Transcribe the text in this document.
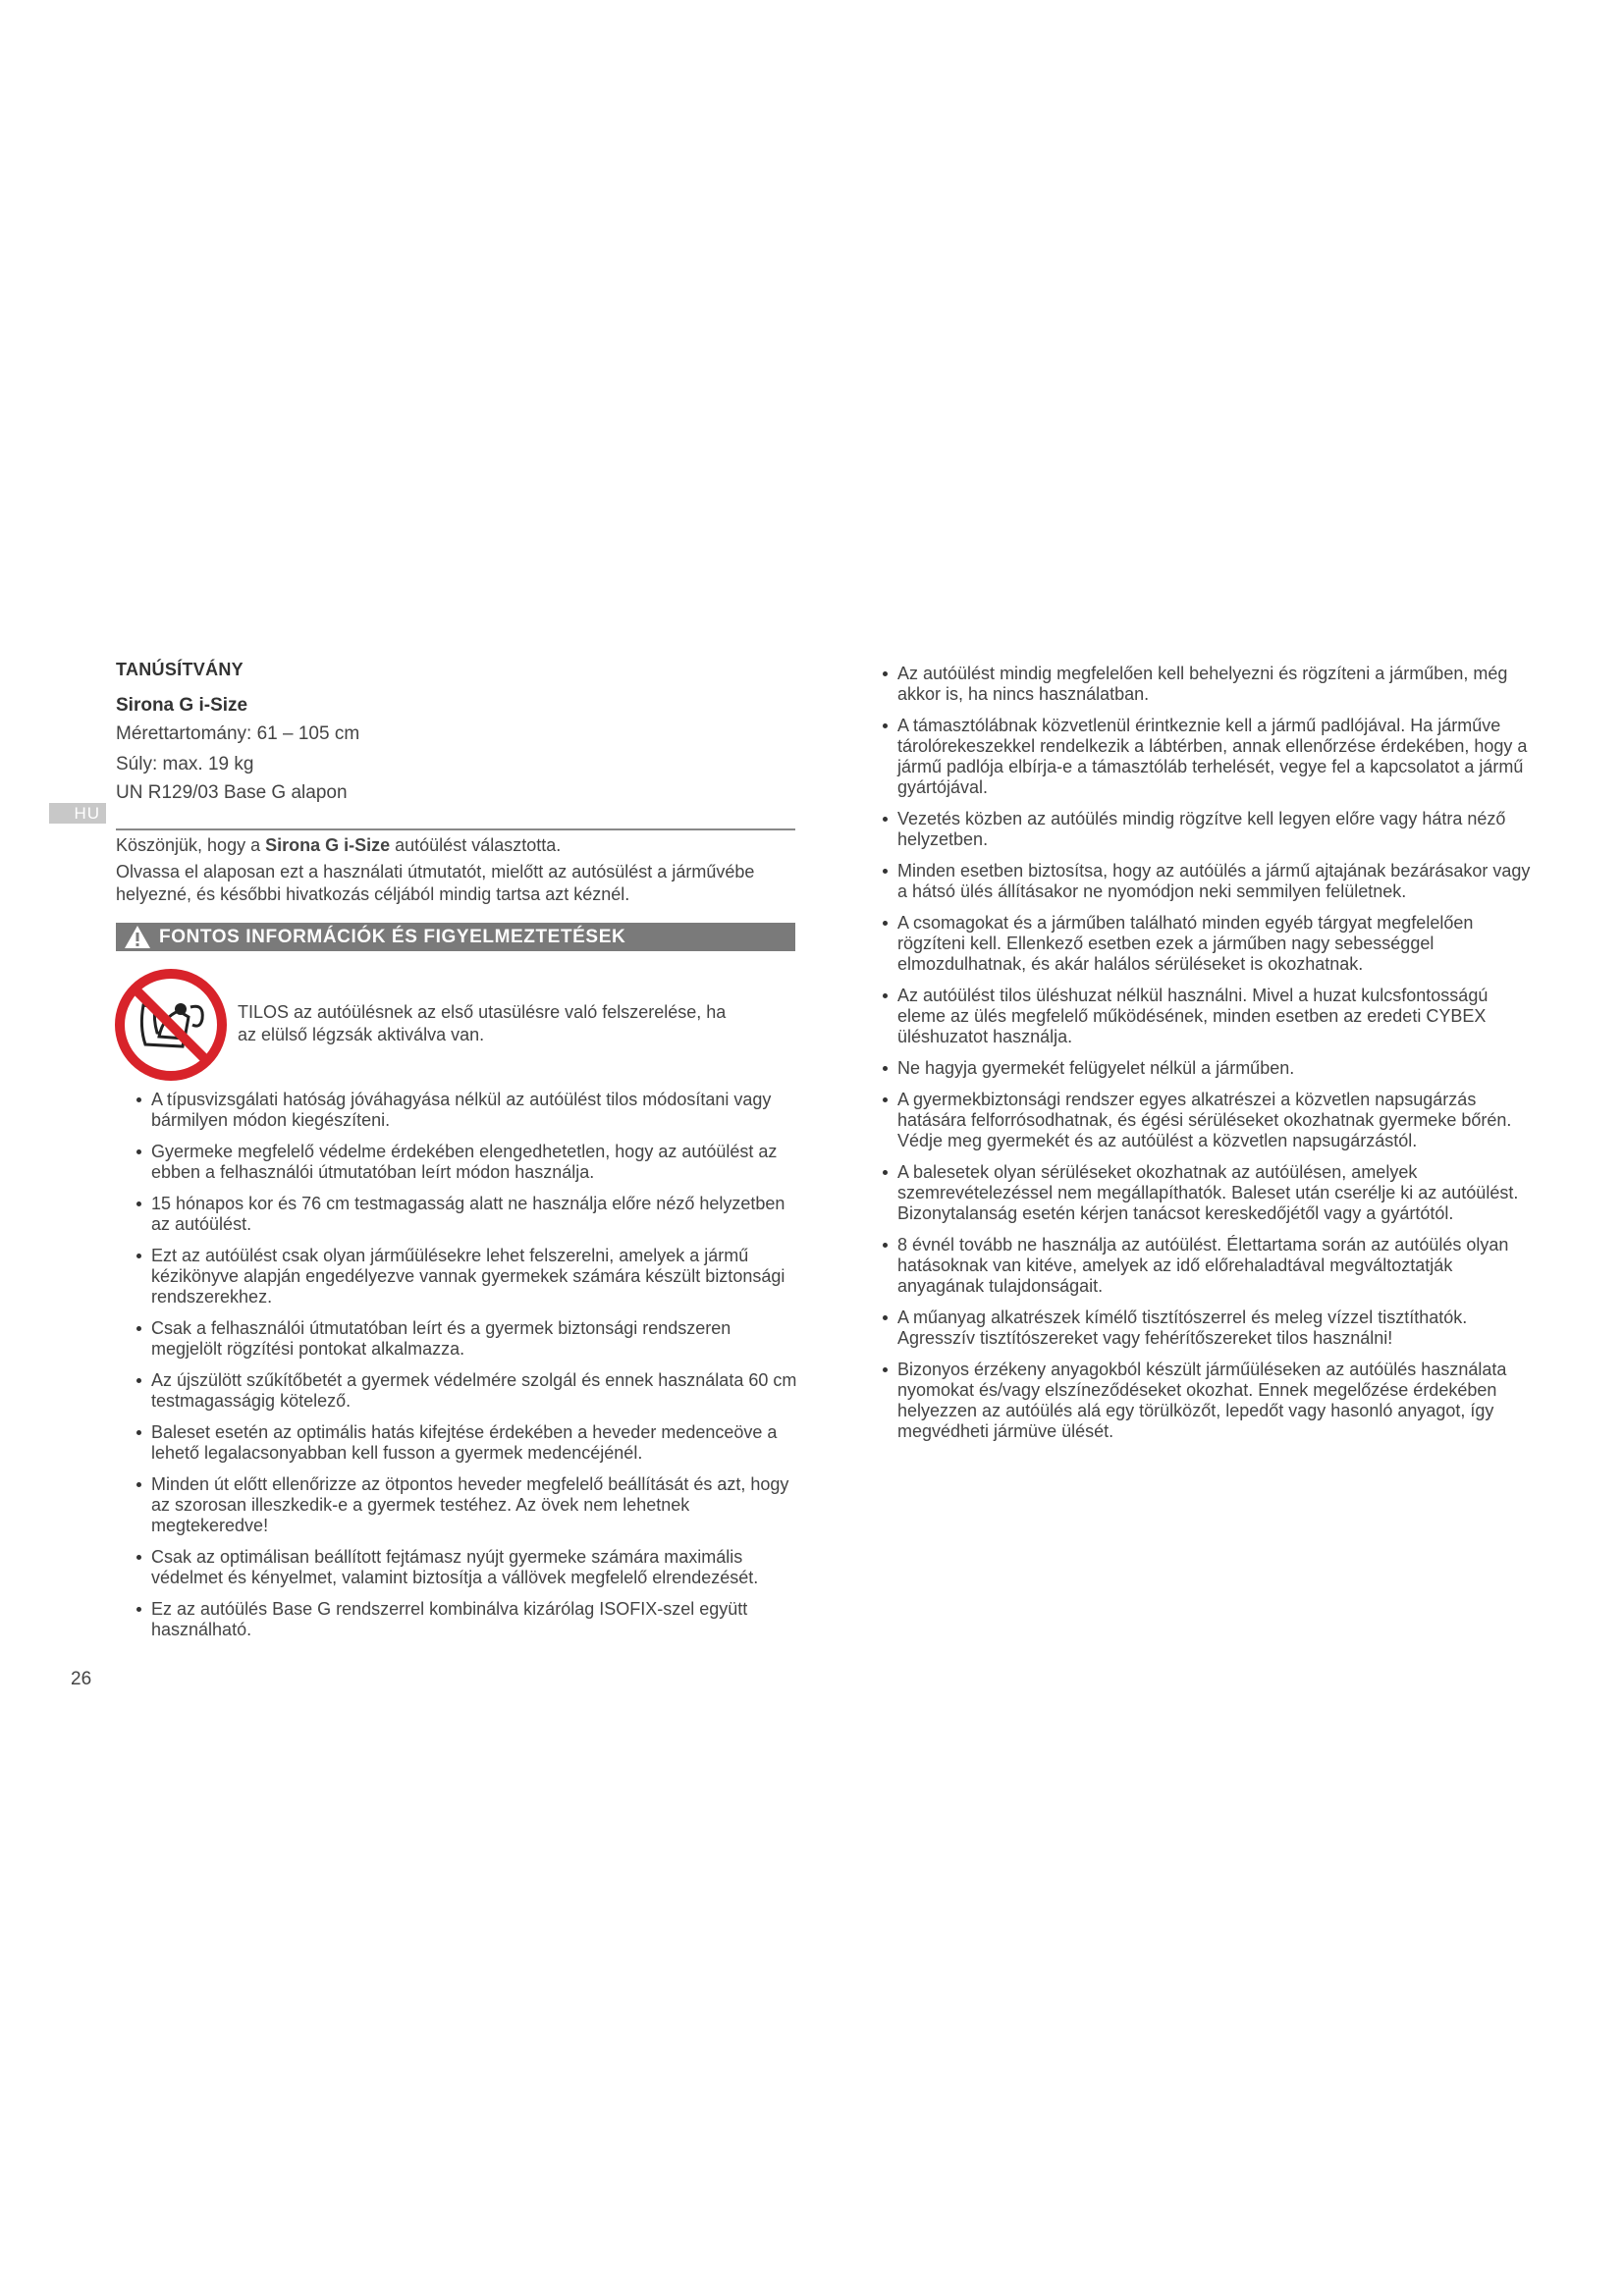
TANÚSÍTVÁNY
Sirona G i-Size
Mérettartomány: 61 – 105 cm
Súly: max. 19 kg
UN R129/03 Base G alapon
HU
Köszönjük, hogy a Sirona G i-Size autóülést választotta.
Olvassa el alaposan ezt a használati útmutatót, mielőtt az autósülést a járművébe helyezné, és későbbi hivatkozás céljából mindig tartsa azt kéznél.
FONTOS INFORMÁCIÓK ÉS FIGYELMEZTETÉSEK
TILOS az autóülésnek az első utasülésre való felszerelése, ha az elülső légzsák aktiválva van.
A típusvizsgálati hatóság jóváhagyása nélkül az autóülést tilos módosítani vagy bármilyen módon kiegészíteni.
Gyermeke megfelelő védelme érdekében elengedhetetlen, hogy az autóülést az ebben a felhasználói útmutatóban leírt módon használja.
15 hónapos kor és 76 cm testmagasság alatt ne használja előre néző helyzetben az autóülést.
Ezt az autóülést csak olyan járműülésekre lehet felszerelni, amelyek a jármű kézikönyve alapján engedélyezve vannak gyermekek számára készült biztonsági rendszerekhez.
Csak a felhasználói útmutatóban leírt és a gyermek biztonsági rendszeren megjelölt rögzítési pontokat alkalmazza.
Az újszülött szűkítőbetét a gyermek védelmére szolgál és ennek használata 60 cm testmagasságig kötelező.
Baleset esetén az optimális hatás kifejtése érdekében a heveder medenceöve a lehető legalacsonyabban kell fusson a gyermek medencéjénél.
Minden út előtt ellenőrizze az ötpontos heveder megfelelő beállítását és azt, hogy az szorosan illeszkedik-e a gyermek testéhez. Az övek nem lehetnek megtekeredve!
Csak az optimálisan beállított fejtámasz nyújt gyermeke számára maximális védelmet és kényelmet, valamint biztosítja a vállövek megfelelő elrendezését.
Ez az autóülés Base G rendszerrel kombinálva kizárólag ISOFIX-szel együtt használható.
Az autóülést mindig megfelelően kell behelyezni és rögzíteni a járműben, még akkor is, ha nincs használatban.
A támasztólábnak közvetlenül érintkeznie kell a jármű padlójával. Ha járműve tárolórekeszekkel rendelkezik a lábtérben, annak ellenőrzése érdekében, hogy a jármű padlója elbírja-e a támasztóláb terhelését, vegye fel a kapcsolatot a jármű gyártójával.
Vezetés közben az autóülés mindig rögzítve kell legyen előre vagy hátra néző helyzetben.
Minden esetben biztosítsa, hogy az autóülés a jármű ajtajának bezárásakor vagy a hátsó ülés állításakor ne nyomódjon neki semmilyen felületnek.
A csomagokat és a járműben található minden egyéb tárgyat megfelelően rögzíteni kell. Ellenkező esetben ezek a járműben nagy sebességgel elmozdulhatnak, és akár halálos sérüléseket is okozhatnak.
Az autóülést tilos üléshuzat nélkül használni. Mivel a huzat kulcsfontosságú eleme az ülés megfelelő működésének, minden esetben az eredeti CYBEX üléshuzatot használja.
Ne hagyja gyermekét felügyelet nélkül a járműben.
A gyermekbiztonsági rendszer egyes alkatrészei a közvetlen napsugárzás hatására felforrósodhatnak, és égési sérüléseket okozhatnak gyermeke bőrén. Védje meg gyermekét és az autóülést a közvetlen napsugárzástól.
A balesetek olyan sérüléseket okozhatnak az autóülésen, amelyek szemrevételezéssel nem megállapíthatók. Baleset után cserélje ki az autóülést. Bizonytalanság esetén kérjen tanácsot kereskedőjétől vagy a gyártótól.
8 évnél tovább ne használja az autóülést. Élettartama során az autóülés olyan hatásoknak van kitéve, amelyek az idő előrehaladtával megváltoztatják anyagának tulajdonságait.
A műanyag alkatrészek kímélő tisztítószerrel és meleg vízzel tisztíthatók. Agresszív tisztítószereket vagy fehérítőszereket tilos használni!
Bizonyos érzékeny anyagokból készült járműüléseken az autóülés használata nyomokat és/vagy elszíneződéseket okozhat. Ennek megelőzése érdekében helyezzen az autóülés alá egy törülközőt, lepedőt vagy hasonló anyagot, így megvédheti jármüve ülését.
26
